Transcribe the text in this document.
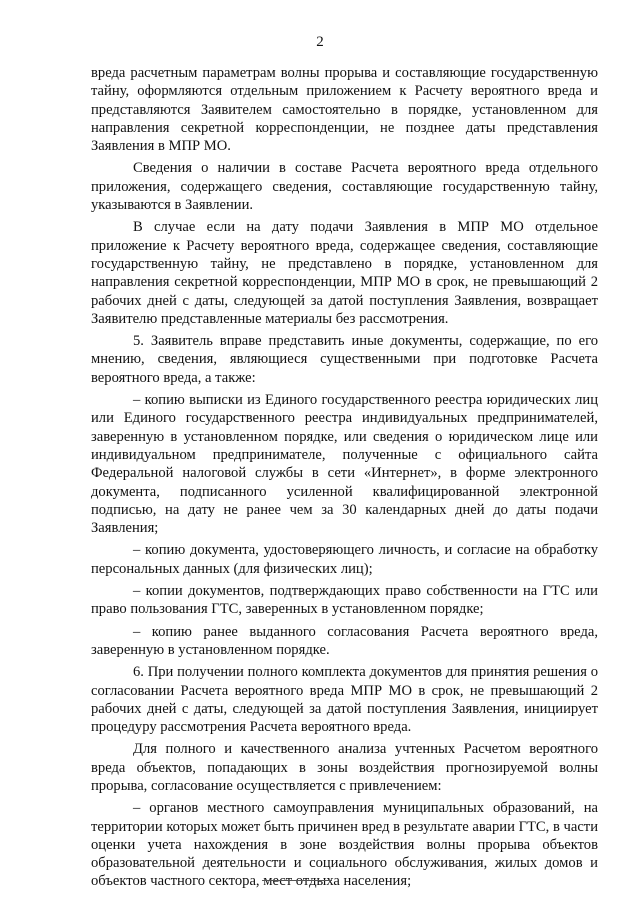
2

вреда расчетным параметрам волны прорыва и составляющие государственную тайну, оформляются отдельным приложением к Расчету вероятного вреда и представляются Заявителем самостоятельно в порядке, установленном для направления секретной корреспонденции, не позднее даты представления Заявления в МПР МО.

Сведения о наличии в составе Расчета вероятного вреда отдельного приложения, содержащего сведения, составляющие государственную тайну, указываются в Заявлении.

В случае если на дату подачи Заявления в МПР МО отдельное приложение к Расчету вероятного вреда, содержащее сведения, составляющие государственную тайну, не представлено в порядке, установленном для направления секретной корреспонденции, МПР МО в срок, не превышающий 2 рабочих дней с даты, следующей за датой поступления Заявления, возвращает Заявителю представленные материалы без рассмотрения.

5. Заявитель вправе представить иные документы, содержащие, по его мнению, сведения, являющиеся существенными при подготовке Расчета вероятного вреда, а также:

– копию выписки из Единого государственного реестра юридических лиц или Единого государственного реестра индивидуальных предпринимателей, заверенную в установленном порядке, или сведения о юридическом лице или индивидуальном предпринимателе, полученные с официального сайта Федеральной налоговой службы в сети «Интернет», в форме электронного документа, подписанного усиленной квалифицированной электронной подписью, на дату не ранее чем за 30 календарных дней до даты подачи Заявления;

– копию документа, удостоверяющего личность, и согласие на обработку персональных данных (для физических лиц);

– копии документов, подтверждающих право собственности на ГТС или право пользования ГТС, заверенных в установленном порядке;

– копию ранее выданного согласования Расчета вероятного вреда, заверенную в установленном порядке.

6. При получении полного комплекта документов для принятия решения о согласовании Расчета вероятного вреда МПР МО в срок, не превышающий 2 рабочих дней с даты, следующей за датой поступления Заявления, инициирует процедуру рассмотрения Расчета вероятного вреда.

Для полного и качественного анализа учтенных Расчетом вероятного вреда объектов, попадающих в зоны воздействия прогнозируемой волны прорыва, согласование осуществляется с привлечением:

– органов местного самоуправления муниципальных образований, на территории которых может быть причинен вред в результате аварии ГТС, в части оценки учета нахождения в зоне воздействия волны прорыва объектов образовательной деятельности и социального обслуживания, жилых домов и объектов частного сектора, мест отдыха населения;
